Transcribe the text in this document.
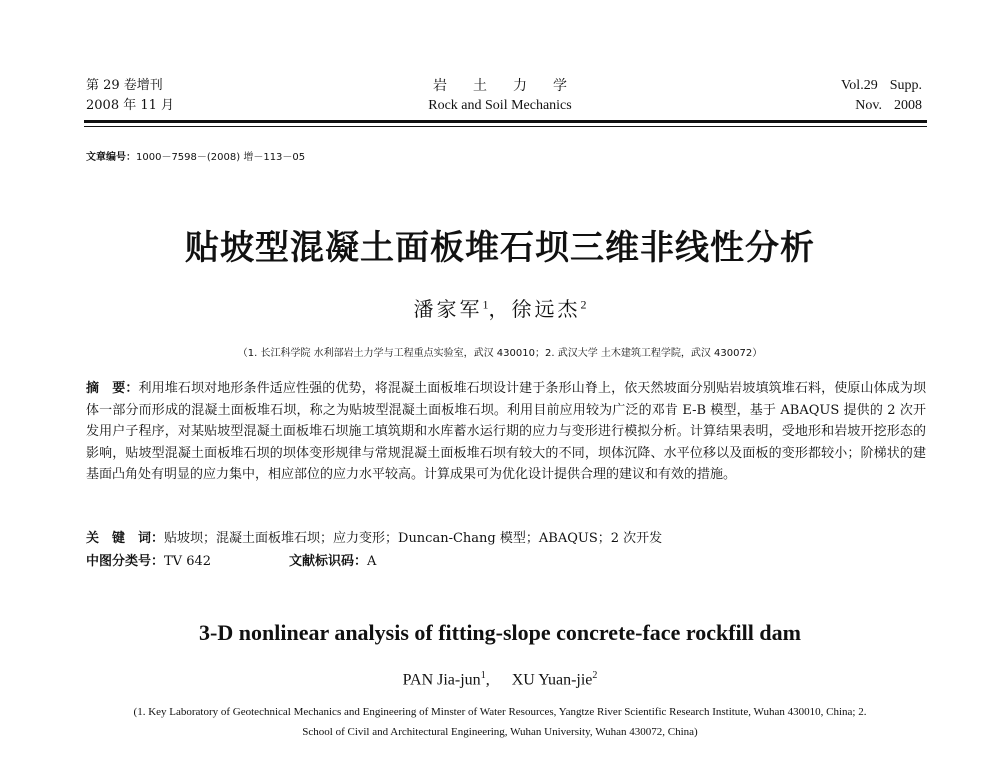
第 29 卷增刊
2008 年 11 月
岩土力学
Rock and Soil Mechanics
Vol.29 Supp.
Nov. 2008
文章编号：1000－7598－(2008) 增－113－05
贴坡型混凝土面板堆石坝三维非线性分析
潘家军$^1$，徐远杰$^2$
（1. 长江科学院 水利部岩土力学与工程重点实验室，武汉 430010；2. 武汉大学 土木建筑工程学院，武汉 430072）
摘　要：利用堆石坝对地形条件适应性强的优势，将混凝土面板堆石坝设计建于条形山脊上，依天然坡面分别贴岩坡填筑堆石料，使原山体成为坝体一部分而形成的混凝土面板堆石坝，称之为贴坡型混凝土面板堆石坝。利用目前应用较为广泛的邓肯 E-B 模型，基于 ABAQUS 提供的 2 次开发用户子程序，对某贴坡型混凝土面板堆石坝施工填筑期和水库蓄水运行期的应力与变形进行模拟分析。计算结果表明，受地形和岩坡开挖形态的影响，贴坡型混凝土面板堆石坝的坝体变形规律与常规混凝土面板堆石坝有较大的不同，坝体沉降、水平位移以及面板的变形都较小；阶梯状的建基面凸角处有明显的应力集中，相应部位的应力水平较高。计算成果可为优化设计提供合理的建议和有效的措施。
关　键　词：贴坡坝；混凝土面板堆石坝；应力变形；Duncan-Chang 模型；ABAQUS；2 次开发
中图分类号：TV 642	文献标识码：A
3-D nonlinear analysis of fitting-slope concrete-face rockfill dam
PAN Jia-jun$^1$, XU Yuan-jie$^2$
(1. Key Laboratory of Geotechnical Mechanics and Engineering of Minster of Water Resources, Yangtze River Scientific Research Institute, Wuhan 430010, China; 2. School of Civil and Architectural Engineering, Wuhan University, Wuhan 430072, China)
